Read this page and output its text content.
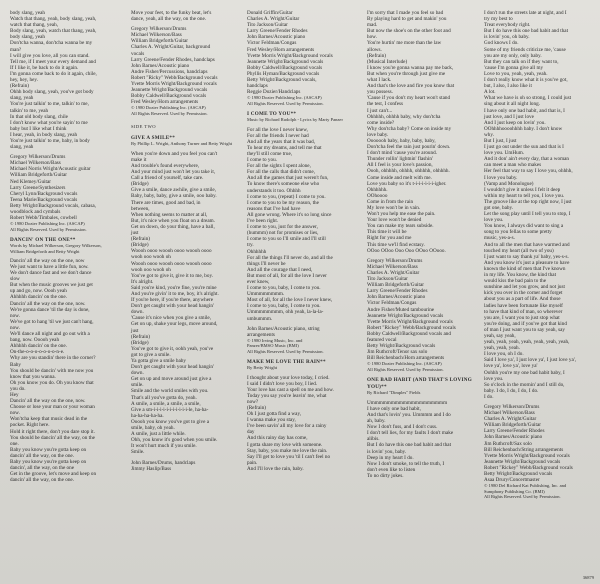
body slang, yeah
Watch that thang, yeah, body slang, yeah,
watch that thang, yeah,
Body slang, yeah, watch that thang, yeah,
body slang, yeah
Don'tcha wanna, don'tcha wanna be my
man?
I will give you love, all you can stand.
Tell me, if I meet your every demand and
If I like it, be back to do it again.
I'm gonna come back to do it again, chile,
hey, hey, hey.
(Refrain)
Ohhh body slang, yeah, you've got body
slang, yeah
You're just talkin' to me, talkin' to me,
talkin' to me, yeah
In that old body slang, chile
I don't know what you're sayin' to me
baby but I like what I think
I hear, yeah, in body slang, yeah
You're just talkin' to me, baby, in body
slang, yeah
Gregory Wilkerson/Drums
Michael Wilkerson/Bass
Michael Norris Wright/Acoustic guitar
William Bridgeforth/Guitar
Ned Klemey/Guitar
Larry Greene/Synthesizers
Cheryl Lynn/Background vocals
Teena Marie/Background vocals
Betty Wright/Background vocals, cabasa,
woodblock and cymbals
Robert Webb/Timbales, cowbell
© 1980 Dozier Publishing Inc. (ASCAP)
All Rights Reserved. Used by Permission.
DANCIN' ON THE ONE**
Words by Michael Wilkerson, Gregory Wilkerson,
William Bridgeforth and Betty Wright
Dancin' all the way on the one, now
We just want to have a little fun, now.
We don't dance fast and we don't dance
slow
But when the music grooves we just get
up and go, now. Oooh yeah
Ahhhhh dancin' on the one.
Dancin' all the way on the one, now.
We're gonna dance 'til the day is done,
now.
We've got to hang 'til we just can't hang,
now.
We'll dance all night and go out with a
bang, now. Ooooh yeah
Ahhhhh dancin' on the one.
On-the-o-o-o-o-o-o-o-n-e.
Why are you standin' there in the corner?
Baby
You should be dancin' with me now you
know that you wanna.
Oh you know you do. Oh you know that
you do.
Hey
Dancin' all the way on the one, now.
Choose or lose your man or your woman
now.
Won'tcha keep that music dead in the
pocket. Right here.
Hold it right there, don't you dare stop it.
You should be dancin' all the way, on the
one.
Baby you know you're gotta keep on
dancin' all the way, on the one.
Baby you know you're gotta keep on
dancin', all the way, on the one
Get in the groove, let's move and keep on
dancin' all the way, on the one.
Move your feet, to the funky beat, let's
dance, yeah, all the way, on the one.
Gregory Wilkerson/Drums
Michael Wilkerson/Bass
William Bridgeforth/Guitar
Charles A. Wright/Guitar, background
vocals
Larry Greene/Fender Rhodes, handclaps
John Barnes/Acoustic piano
Andre Fisher/Percussions, handclaps
Robert "Ricky" Webb/Background vocals
Yvette Morris Wright/Background vocals
Jeannette Wright/Background vocals
Bobby Caldwell/Background vocals
Fred Wesley/Horn arrangements
© 1980 Dozier Publishing Inc. (ASCAP)
All Rights Reserved. Used by Permission.
SIDE TWO
GIVE A SMILE**
By Phillip L. Wright, Anthony Turner and Betty Wright
When you're down and you feel you can't
make it
And trouble's found everywhere,
And your mind just won't let you take it,
Call a friend of yourself, take care.
(Bridge)
Give a smile, dance awhile, give a smile,
Baby, baby, baby, give a smile, ooo baby.
There are times, good and bad, in
between,
When nothing seems to matter at all,
But, it's nice when you float on a dream.
Get on down, do your thing, have a ball,
just
(Refrain)
(Bridge)
Woooh oooo woooh oooo woooh oooo
wooh ooo wooh oh
Woooh oooo woooh oooo woooh oooo
wooh ooo wooh oh
You've got to give it, give it to me, boy.
It's alright.
Said you're kind, you're fine, you're mine
And you're givin' it to me, boy, it's alright.
If you're here, if you're there, anywhere
Don't get caught with your head hangin'
down.
'Cause it's nice when you give a smile,
Get on up, shake your legs, move around,
just
(Refrain)
(Bridge)
You've got to give it, oohh yeah, you've
got to give a smile.
Ya gotta give a smile baby
Don't get caught with your head hangin'
down.
Get on up and move around just give a
smile.
Smile and the world smiles with you.
That's all you've gotta do, yeah.
A smile, a smile, a smile, a smile,
Give a sm-i-i-i-i-i-i-i-i-i-i-i-le, ha-ha-
ha-ha-ha-ha-ha.
Ooooh you know you've got to give a
smile, baby, oh yeah.
A smile, just a little while.
Ohh, you know it's good when you smile.
It won't hurt much if you smile.
Smile.
John Barnes/Drums, handclaps
Jimmy Haslip/Bass
Donald Griffin/Guitar
Charles A. Wright/Guitar
Tito Jackson/Guitar
Larry Greene/Fender Rhodes
John Barnes/Acoustic piano
Victor Feldman/Congas
Fred Wesley/Horn arrangements
Yvette Morris Wright/Background vocals
Jeannette Wright/Background vocals
Bobby Caldwell/Background vocals
Phyllis Hyman/Background vocals
Betty Wright/Background vocals,
handclaps
Reggie Dozier/Handclaps
© 1980 Dozier Publishing Inc. (ASCAP)
All Rights Reserved. Used by Permission.
I COME TO YOU**
Music by Richard Rudolph - Lyrics by Marty Panzer
For all the love I never knew,
For all the friends I never had
And all the years that it was bad,
To hear my dreams, and tell me that
they'll still come true,
I come to you.
For all the sights I spent alone,
For all the calls that didn't come,
And all the games that just weren't fun,
To know there's someone else who
understands it too. Ohhhh
I come to you, (repeat) I come to you.
I come to you to be my reason, the
reasons that I've had have
All gone wrong. Where it's so long since
I've been right.
I come to you, just for the answer,
(hummm) not for promises or lies,
I come to you so I'll smile and I'll still
try.
Ohhhhhh
For all the things I'll never do, and all the
things I'll never be
And all the courage that I need,
But most of all, for all the love I never
ever knew,
I come to you, baby, I come to you.
Ummmmmmmm.
Most of all, for all the love I never knew,
I come to you, baby, I come to you.
Ummmmmmmm, ohh yeah, la-la-la-
umbummm.
John Barnes/Acoustic piano, string
arrangements
© 1980 Irving Music, Inc. and
Panzer/BMSO Music (BMI)
All Rights Reserved. Used by Permission.
MAKE ME LOVE THE RAIN**
By Betty Wright
I thought about your love today, I cried.
I said I didn't love you boy, I lied.
Your love has cast a spell on me and how.
Today you say you're leavin' me, what
now?
(Refrain)
Oh I just gotta find a way,
I wanna make you stay,
I've been savin' all my love for a rainy
day
And this rainy day has come,
I gotta share my love with someone.
Stay, baby, you make me love the rain.
Say I'll get to love you 'til I can't feel no
pain.
And I'll love the rain, baby.
I'm sorry that I made you feel so bad
By playing hard to get and makin' you
mad.
But now the shoe's on the other foot and
how.
You're hurtin' me more than the law
allows.
(Refrain)
(Musical Interlude)
I know you're gonna wanna pay me back,
But when you're through just give me
what I lack.
And that's the love and fire you know that
you possess.
'Cause if you don't my heart won't stand
the test, I confess
I just can't...
Ohhhhh, ohhhh baby, why don'tcha
come inside?
Why don'tcha baby? Come on inside my
love baby.
Ooooooh baby, baby, baby, baby,
Don'tcha feel the rain just pourin' down.
I don't mind 'cause you're around.
Thunder rollin' lightnin' flashin'
All I feel is your love's passion,
Oooh, ohhhhh, ohhhh, ohhhhh, ohhhhh.
Come inside and melt with me.
Love you baby so it's t-i-i-i-i-i-i-igher.
Ohhhhhh.
OOhoooo
Come in from the rain
My love won't be in vain.
Won't you help me ease the pain.
Your love won't be denied
You can make my tears subside.
This time it will be
Right for you and me
This time we'll find ecstasy.
OOoo OOoo Ooo Ooo OOoo OOooo.
Gregory Wilkerson/Drums
Michael Wilkerson/Bass
Charles A. Wright/Guitar
Tito Jackson/Guitar
William Bridgeforth/Guitar
Larry Greene/Fender Rhodes
John Barnes/Acoustic piano
Victor Feldman/Congas
Andre Fisher/Muted tambourine
Jeannette Wright/Background vocals
Yvette Morris Wright/Background vocals
Robert "Rickey" Webb/Background vocals
Bobby Caldwell/Background vocals and
featured vocal
Betty Wright/Background vocals
Jim Ruthcroft/Tenor sax solo
Bill Reichenbach/Horn arrangements
© 1980 Dozier Publishing Inc. (ASCAP)
All Rights Reserved. Used by Permission.
ONE BAD HABIT (AND THAT'S LOVING
YOU)**
By Richard "Dimples" Fields
Ummmmmmmmmmmmmmmmmmm
I have only one bad habit,
And that's lovin' you. Ummmm and I do
ah, baby.
Now I don't fuss, and I don't cuss.
I don't tell lies, for my faults I don't make
alibis.
But I do have this one bad habit and that
is lovin' you, baby.
Deep in my heart I do.
Now I don't smoke, to tell the truth, I
don't even like to listen
To no dirty jokes.
I don't run the streets late at night, and I
try my best to
Treat everybody right.
But I do have this one bad habit and that
is lovin' you, oh baby.
God knows I do.
Some of my friends criticize me, 'cause
you are my only, only baby.
But they can talk on if they want to,
'cause I'm gonna give all my
Love to you, yeah, yeah, yeah.
I don't really know what it is you've got,
but, I also, I also like it
A lot.
What we have is oh so strong, I could just
sing about it all night long.
I have only one bad habit, and that is, I
just love, and I just love
And I just keep on lovin' you.
OOhhhhoooohhhh baby. I don't know
why.
But I just, I just
I just go out under the sun and that is I
love you. UmHum.
And it don' ain't every day, that a woman
can meet a man who makes
Her feel that way to say I love you, ohhhh,
I love you baby.
(Vamp and Monologue)
I wouldn't give it unless I felt it deep
within my heart to tell you, I love you.
The groove like at the top right now, I just
got one, baby.
Let the song play until I tell you to stop, I
love you.
You know, I always did want to sing a
song to you fellas to some pretty
music, yes-a-s.
And to all the men that have warmed and
touched my heart (all two of you)
I just want to say thank ya' baby, yes-s-s.
And you know it's just a pleasure to have
known the kind of men that I've known
in my life. You know, the kind that
would kiss the bad pain to the
sunshine and let you grow, and not just
kick you over in the corner and forget
about you as a part of life. And those
ladies have been fortunate like myself
to have that kind of man, so wherever
you are, I want you to just stop what
you're doing, and if you've got that kind
of man I just want you to say yeah, say
yeah, say yeah,
yeah, yeah, yeah, yeah, yeah, yeah, yeah,
yeah, yeah, yeah.
I love you, oh I do.
Said I love ya', I just love ya', I just love ya',
love ya', love ya', love ya'
Oohhh you're my one bad habit baby, I
love you.
So o'clock in the mornin' and I still do,
baby. I do, I do, I do, I do.
I do.
Gregory Wilkerson/Drums
Michael Wilkerson/Bass
Charles A. Wright/Guitar
William Bridgeforth/Guitar
Larry Greene/Fender Rhodes
John Barnes/Acoustic piano
Jim Ruthcroft/Sax solo
Bill Reichenbach/String arrangements
Yvette Morris Wright/Background vocals
Jeannette Wright/Background vocals
Robert "Rickey" Webb/Background vocals
Betty Wright/Background vocals
Asaa Drury/Concertmaster
© 1980 Del Richard Kat Publishing, Inc. and
Sumphony Publishing Co. (BMI)
All Rights Reserved. Used by Permission.
36879
